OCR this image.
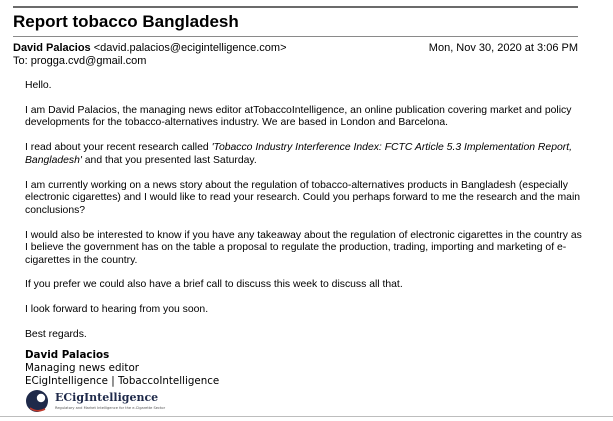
Report tobacco Bangladesh
David Palacios <david.palacios@ecigintelligence.com>	Mon, Nov 30, 2020 at 3:06 PM
To: progga.cvd@gmail.com

Hello.

I am David Palacios, the managing news editor atTobaccoIntelligence, an online publication covering market and policy developments for the tobacco-alternatives industry. We are based in London and Barcelona.

I read about your recent research called 'Tobacco Industry Interference Index: FCTC Article 5.3 Implementation Report, Bangladesh' and that you presented last Saturday.

I am currently working on a news story about the regulation of tobacco-alternatives products in Bangladesh (especially electronic cigarettes) and I would like to read your research. Could you perhaps forward to me the research and the main conclusions?

I would also be interested to know if you have any takeaway about the regulation of electronic cigarettes in the country as I believe the government has on the table a proposal to regulate the production, trading, importing and marketing of e-cigarettes in the country.

If you prefer we could also have a brief call to discuss this week to discuss all that.

I look forward to hearing from you soon.

Best regards.

David Palacios
Managing news editor
ECigIntelligence | TobaccoIntelligence
ECigIntelligence
Regulatory and Market Intelligence for the e-Cigarette Sector
